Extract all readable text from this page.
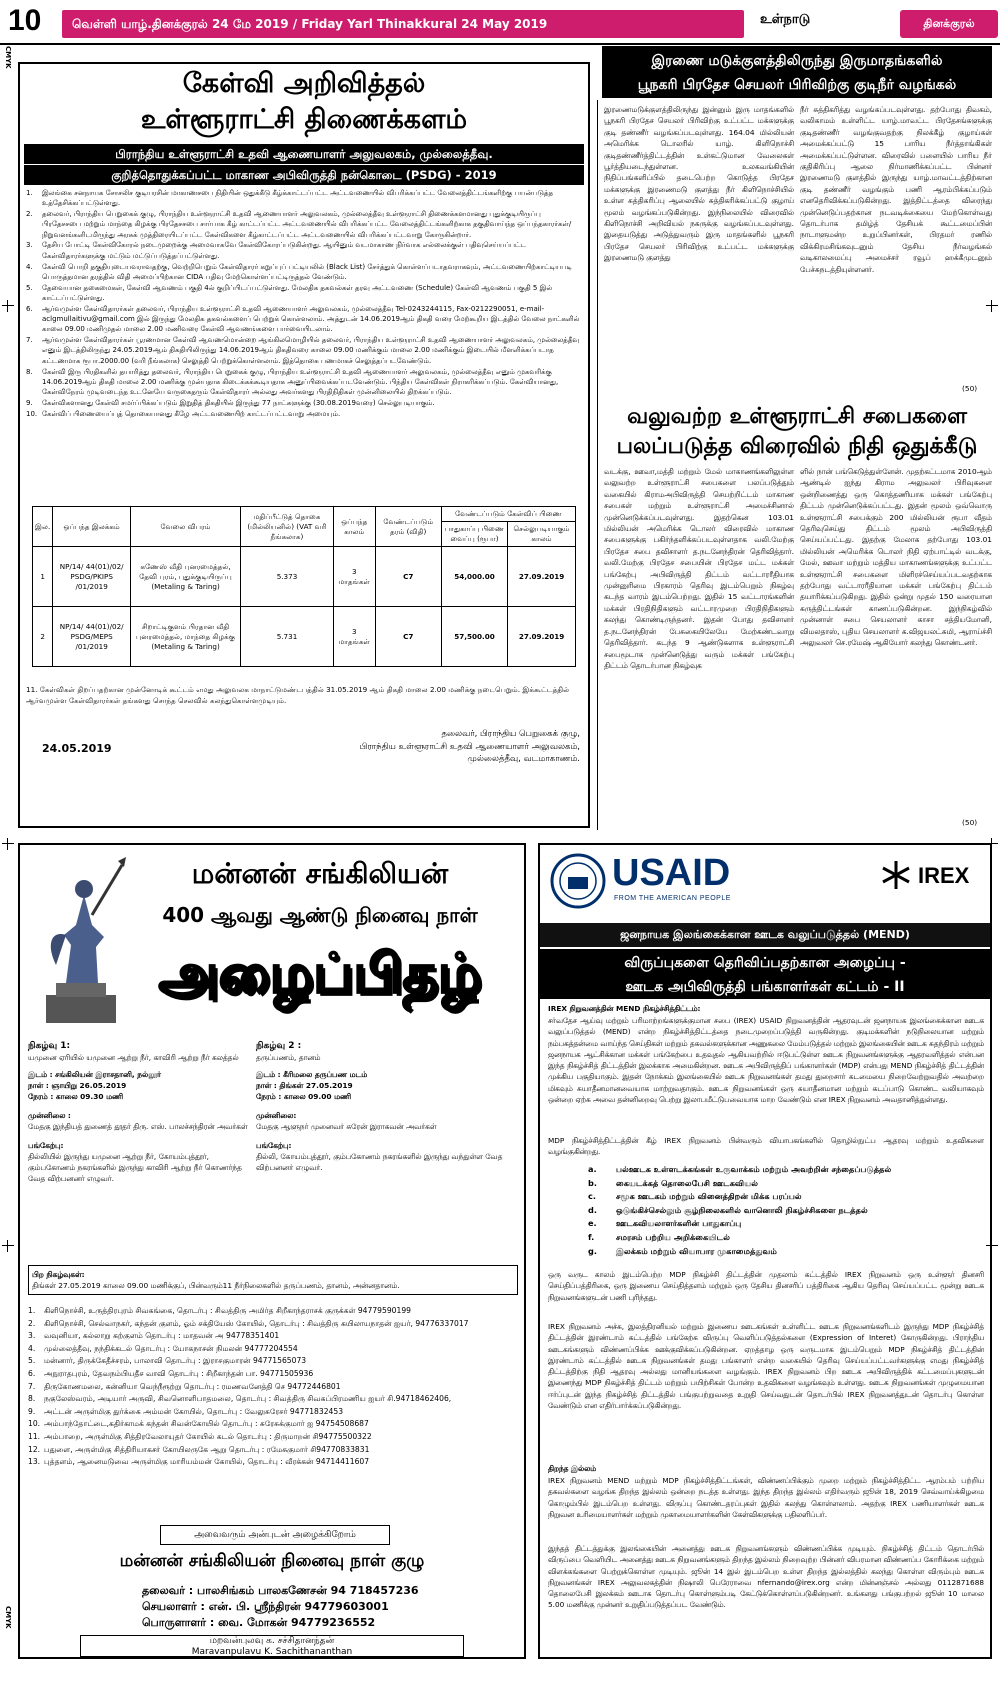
10	வெள்ளி யாழ்.தினக்குரல் 24 மே 2019 / Friday Yarl Thinakkural 24 May 2019	உள்நாடு	தினக்குரல்
CMYK
CMYK
கேள்வி அறிவித்தல்
உள்ளூராட்சி திணைக்களம்
பிராந்திய உள்ளூராட்சி உதவி ஆணையாளர் அலுவலகம், முல்லைத்தீவு.
குறித்தொதுக்கப்பட்ட மாகாண அபிவிருத்தி நன்கொடை (PSDG) - 2019
1. இலங்கை சனநாயக சோசலிச குடியரசின் மாகாணசபை நிதியின் ஒதுக்கீடு கீழ்க்காட்டப்பட்ட அட்டவணையில் விபரிக்கப்பட்ட வேலைத்திட்டங்களிற்கு பயன்படுத்த உத்தேசிக்கப்பட்டுள்ளது.
2. தலைவர், பிராந்திய பெறுகைக் குழு, பிராந்திய உள்ளூராட்சி உதவி ஆணையாளர் அலுவலகம், முல்லைத்தீவு உள்ளூராட்சி திணைக்களமானது புதுக்குடியிருப்பு பிரதேசசபை மற்றும் மாந்தை கிழக்கு பிரதேசசபை சார்பாக கீழ் காட்டப்பட்ட அட்டவணையில் விபரிக்கப்பட்ட வேலைத்திட்டங்களிற்காக தகுதிவாய்ந்த ஒப்பந்தகாரர்கள்/நிறுவனங்களிடமிருந்து அரசுக் முத்திரையிடப்பட்ட கேள்விகளை கீழ்காட்டப்பட்ட அட்டவணையில் விபரிக்கப்பட்டவாறு கோருகின்றார்.
3. தேசிய போட்டி கேள்விகோரல் நடைமுறைக்கு அமைவாகவே கேள்விகோரப்படுகின்றது. ஆயினும் வடமாகாண நிர்வாக எல்லைக்குள் பதிவுசெய்யப்பட்ட கேள்விதாரர்களுக்கு மட்டும் மட்டுப்படுத்தப்பட்டுள்ளது.
4. கேள்வி பொறி தகுதியுடையவராவதற்கு, வெற்றிபெறும் கேள்விதாரர் கறுப்புப் பட்டியலில் (Black List) சேர்த்துக் கொள்ளப்படாதவராகவும், அட்டவணையிற்காட்டியபடி பொருத்தமான தரத்தில் விதி அமைப்பிற்கான CIDA பதிவு மேற்கொள்ளப்பட்டிருத்தல் வேண்டும்.
5. தேவையான தகைமைகள், கேள்வி ஆவணம் பகுதி 4ல் குறிப்பிடப்பட்டுள்ளது. மேலதிக தகவல்கள் தரவு அட்டவணை (Schedule) கேள்வி ஆவணம் பகுதி 5 இல் காட்டப்பட்டுள்ளது.
6. ஆர்வமுள்ள கேள்விதாரர்கள் தலைவர், பிராந்திய உள்ளூராட்சி உதவி ஆணையாளர் அலுவலகம், முல்லைத்தீவு Tel-0243244115, Fax-0212290051, e-mail-aclgmullaitivu@gmail.com இல் இருந்து மேலதிக தகவல்களைப் பெற்றுக் கொள்ளலாம். அத்துடன் 14.06.2019ஆம் திகதி வரை மேற்கூறிய இடத்தில் வேலை நாட்களில் காலை 09.00 மணிமுதல் மாலை 2.00 மணிவரை கேள்வி ஆவணங்களை பார்வையிடலாம்.
7. ஆர்வமுள்ள கேள்விதாரர்கள் பூரணமான கேள்வி ஆவணமொன்றை ஆங்கிலமொழியில் தலைவர், பிராந்திய உள்ளூராட்சி உதவி ஆணையாளர் அலுவலகம், முல்லைத்தீவு எனும் இடத்திலிருந்து 24.05.2019ஆம் திகதியிலிருந்து 14.06.2019ஆம் திகதிவரை காலை 09.00 மணிக்கும் மாலை 2.00 மணிக்கும் இடையில் மீளளிக்கப்படாத கட்டணமாக ரூபா.2000.00 (வரி நீங்கலாக) செலுத்தி பெற்றுக்கொள்ளலாம். இத்தொகை பணமாகச் செலுத்தப்படவேண்டும்.
8. கேள்வி இரு பிரதிகளில் தயாரித்து தலைவர், பிராந்திய பெறுகைக் குழு, பிராந்திய உள்ளூராட்சி உதவி ஆணையாளர் அலுவலகம், முல்லைத்தீவு எனும் முகவரிக்கு 14.06.2019ஆம் திகதி மாலை 2.00 மணிக்கு முன்பதாக கிடைக்கக்கூடியதாக அனுப்பிவைக்கப்படவேண்டும். பிந்திய கேள்விகள் நிராகரிக்கப்படும். கேள்வியானது, கேள்விநேரம் முடிவடைந்த உடனேயே வருகைதரும் கேள்விதாரர் அல்லது அவர்களது பிரதிநிதிகள் முன்னிலையில் திறக்கப்படும்.
9. கேள்விகளானது கேள்வி சமர்ப்பிக்கப்படும் இறுதித் திகதியில் இருந்து 77 நாட்களுக்கு (30.08.2019வரை) செல்லுபடியாகும்.
10. கேள்விப் பிணையைப்புத் தொகையானது கீழே அட்டவணையிற் காட்டப்பட்டவாறு அமையும்.
இல.	ஒப்பந்த இலக்கம்	வேலை விபரம்	மதிப்பீட்டுத் தொகை (மில்லியனில்) (VAT வரி நீங்கலாக)	ஒப்பந்த காலம்	வேண்டப்படும் தரம் (விதி)	வேண்டப்படும் கேள்விப் பிணை	
						பாதுகாப்பு பிணை வைப்பு (ரூபா)	செல்லுபடியாகும் காலம்
1	NP/14/ 44(01)/02/ PSDG/PKIPS /01/2019	கணேஸ் வீதி புனரமைத்தல், தேவி புரம், புதுக்குடியிருப்பு (Metaling & Taring)	5.373	3 மாதங்கள்	C7	54,000.00	27.09.2019
2	NP/14/ 44(01)/02/ PSDG/MEPS /01/2019	சிறாட்டிகுளம் பிரதான வீதி புனரமைத்தல், மாந்தை கிழக்கு (Metaling & Taring)	5.731	3 மாதங்கள்	C7	57,500.00	27.09.2019
11. கேள்விகள் திறப்பதற்கான முன்னோடிக் கூட்டம் எமது அலுவலக மாநாட்டுமண்டபத்தில் 31.05.2019 ஆம் திகதி மாலை 2.00 மணிக்கு நடைபெறும். இக்கூட்டத்தில் ஆர்வமுள்ள கேள்விதாரர்கள் தங்களது சொந்த செலவில் கலந்துகொள்ளமுடியும்.
24.05.2019
தலைவர், பிராந்திய பெறுகைக் குழு,
பிராந்திய உள்ளூராட்சி உதவி ஆணையாளர் அலுவலகம்,
முல்லைத்தீவு, வடமாகாணம்.
இரணை மடுக்குளத்திலிருந்து இருமாதங்களில்
பூநகரி பிரதேச செயலர் பிரிவிற்கு குடிநீர் வழங்கல்
இரணைமடுக்குளத்திலிருந்து இன்னும் இரு மாதங்களில் பூநகரி பிரதேச செயலர் பிரிவிற்கு உட்பட்ட மக்களுக்கு குடி தண்ணீர் வழங்கப்படவுள்ளது. 164.04 மில்லியன் அமெரிக்க டொலரில் யாழ். கிளிநொச்சி குடிதண்ணீர்த்திட்டத்தின் உள்கட்டுமான வேலைகள் பூர்த்தியடைந்துள்ளன. உலகவங்கியின் நிதிப்பங்களிப்பில் தடைபெற்ற கொடுத்த பிரதேச மக்களுக்கு இரணைமடு குளத்து நீர் கிளிநொச்சியில் உள்ள சுத்திகரிப்பு ஆலையில் சுத்திகரிக்கப்பட்டு குழாய் மூலம் வழங்கப்படுகின்றது. இந்நிலையில் விரைவில் கிளிநொச்சி அறிவியல் நகருக்கு வழங்கப்படவுள்ளது. இதையடுத்து அடுத்துவரும் இரு மாதங்களில் பூநகரி பிரதேச செயலர் பிரிவிற்கு உட்பட்ட மக்களுக்கு இரணைமடு குளத்து
நீர் சுத்திகரித்து வழங்கப்படவுள்ளது. தற்போது திவகம், வலிகாமம் உள்ளிட்ட யாழ்.மாவட்ட பிரதேசங்களுக்கு குடிதண்ணீர் வழங்குவதற்கு நிலக்கீழ் குழாய்கள் அமைக்கப்பட்டு 15 பாரிய நீர்த்தாங்கிகள் அமைக்கப்பட்டுள்ளன. விரைவில் பளையில் பாரிய நீர் குதிகிரிப்பு ஆலை நிர்மாணிக்கப்பட்ட பின்னர் இரணைமடு குளத்தில் இருந்து யாழ்.மாவட்டத்திற்கான குடி தண்ணீர் வழங்கும் பணி ஆரம்பிக்கப்படும் எனதெரிவிக்கப்படுகின்றது. இத்திட்டத்தை விரைந்து முன்னெடுப்பதற்கான நடவடிக்கையை மேற்கொள்வது தொடர்பாக தமிழ்த் தேசியக் கூட்டமைப்பின் நாடாளுமன்ற உறுப்பினர்கள், பிரதமர் ரணில் விக்கிரமசிங்கவுடனும் தேசிய நீர்வழங்கல் வடிகாலமைப்பு அமைச்சர் ரவூப் ஹக்கீமுடனும் பேச்சுநடத்தியுள்ளனர்.
(50)
வலுவற்ற உள்ளூராட்சி சபைகளை
பலப்படுத்த விரைவில் நிதி ஒதுக்கீடு
வடக்கு, ஊவா,மத்தி மற்றும் மேல் மாகாணங்களிலுள்ள வலுவற்ற உள்ளூராட்சி சபைகளை பலப்படுத்தும் வகையில் கிராமஅபிவிருத்தி செயற்றிட்டம் மாகாண சபைகள் மற்றும் உள்ளூராட்சி அமைச்சினால் முன்னெடுக்கப்படவுள்ளது. இதற்கென 103.01 மில்லியன் அமெரிக்க டொலர் விரைவில் மாகாண சபைகளுக்கு பகிர்ந்தளிக்கப்படவுள்ளதாக வலி.மேற்கு பிரதேச சபை தவிசாளர் த.நடனேந்திரன் தெரிவித்தார். வலி.மேற்கு பிரதேச சபையின் பிரதேச மட்ட மக்கள் பங்கேற்பு அபிவிருத்தி திட்டம் வட்டாரரீதியாக முன்னுரிமை பிரகாரம் தெரிவு இடம்பெறும் நிகழ்வு கடந்த வாரம் இடம்பெற்றது. இதில் 15 வட்டாரங்களின் மக்கள் பிரதிநிதிகளும் வட்டாரமுறை பிரதிநிதிகளும் கலந்து கொண்டிருந்தனர். இதன் போது தவிசாளர் த.நடனேந்திரன் பேசுகையிலேயே மேற்கண்டவாறு தெரிவித்தார். கடந்த 9 ஆண்டுகளாக உள்ளூராட்சி சபைமூடாக முன்னெடுத்து வரும் மக்கள் பங்கேற்பு திட்டம் தொடர்பான நிகழ்வுக
ளில் நான் பங்கெடுத்துள்ளேன். முதற்கட்டமாக 2010ஆம் ஆண்டில் ஐந்து கிராம அலுவலர் பிரிவுகளை ஒன்றிணைத்து ஒரு கொத்தணியாக மக்கள் பங்கேற்பு திட்டம் முன்னெடுக்கப்பட்டது. இதன் மூலம் ஒவ்வொரு உள்ளூராட்சி சபைக்கும் 200 மில்லியன் ரூபா வீதம் தெரிவுசெய்து திட்டம் மூலம் அபிவிருத்தி செய்யப்பட்டது. இதற்கு மேலாக தற்போது 103.01 மில்லியன் அமெரிக்க டொலர் நிதி ஏற்பாட்டில் வடக்கு, மேல், ஊவா மற்றும் மத்திய மாகாணங்களுக்கு உட்பட்ட உள்ளூராட்சி சபைகளை மிளிரச்செய்யப்படவதற்காக தற்போது வட்டாரரீதியான மக்கள் பங்கேற்பு திட்டம் தயாரிக்கப்படுகிறது. இதில் ஒன்று முதல் 150 வரையான கருத்திட்டங்கள் காணப்படுகின்றன. இந்நிகழ்வில் முன்னாள் சபை செயலாளர் காசா சத்தியமோனி, விமலதாஸ், புதிய செயலாளர் க.விஜயலட்சுமி, ஆராய்ச்சி அலுவலர் செ.ரமேஷ் ஆகியோர் கலந்து கொண்டனர்.
(50)
மன்னன் சங்கிலியன்
400 ஆவது ஆண்டு நினைவு நாள்
அழைப்பிதழ்
நிகழ்வு 1:
யமுனை ஏரியில் யமுனை ஆற்று நீர், காவிரி ஆற்று நீர் கலத்தல்
இடம் : சங்கிலியன் இராசதானி, நல்லூர்
நாள் : ஞாயிறு 26.05.2019
நேரம் : காலை 09.30 மணி
முன்னிலை :
மேதகு இந்தியத் துணைத் தூதர் திரு. எஸ். பாலச்சந்திரன் அவர்கள்
பங்கேற்பு:
தில்லியில் இருந்து யமுனை ஆற்று நீர், கோயம்புத்தூர், கும்பகோணம் நகரங்களில் இருந்து காவிரி ஆற்று நீர் கொணர்ந்த வேத விற்பனனர் எழுவர்.
நிகழ்வு 2 :
தருப்பணம், தானம்
இடம் : கீரிமலை தருப்பண மடம்
நாள் : திங்கள் 27.05.2019
நேரம் : காலை 09.00 மணி
முன்னிலை:
மேதகு ஆளுநர் முனைவர் சுரேன் இராகவன் அவர்கள்
பங்கேற்பு:
தில்லி, கோயம்புத்தூர், கும்பகோணம் நகரங்களில் இருந்து வந்துள்ள வேத விற்பனனர் எழுவர்.
பிற நிகழ்வுகள்:
திங்கள் 27.05.2019 காலை 09.00 மணிக்குப், பின்வரும்11 நீர்நிலைகளில் தருப்பணம், தானம், அன்னதானம்.
1. கிளிநொச்சி, உருத்திரபுரம் சிவகங்கை, தொடர்பு : சிவத்திரு அமிர்த சிறீகாந்தராசக் குருக்கள் 94779590199
2. கிளிநொச்சி, செல்வாநகர், கந்தன் குளம், ஓம் சக்தியேஸ் கோயில், தொடர்பு : சிவத்திரு கயிலாயநாதன் ஐயர், 94776337017
3. வவுனியா, கல்லாறு கற்குளம் தொடர்பு : மாதவன் அ 94778351401
4. முல்லைத்தீவு, நந்திக்கடல் தொடர்பு : யோகநாசன் நிமலன் 94777204554
5. மன்னார், திருக்கேதீச்சரம், பாலாவி தொடர்பு : இராசகுமாரன் 94771565073
6. அநுராதபுரம், தேவநம்பியதீச வாவி தொடர்பு : சிறீகாந்தன் பா. 94771505936
7. திருகோணமலை, கன்னியா வெந்நீரூற்று தொடர்பு : ரமணவனேத்தி செ 94772446801
8. நகுலேஸ்வரம், அடியார் அருவி, சிவனொளிபாதமலை, தொடர்பு : சிவத்திரு சிவகப்பிரமணிய ஐயர் சி.94718462406,
9. அட்டன் அருள்மிகு துர்க்கை அம்மன் கோயில், தொடர்பு : வேலுசுரேசர் 94771832453
10. அம்பாந்தோட்டை,கதிர்காமக் கந்தன் சிவன்கோயில் தொடர்பு : சுரேசுக்குமார் ஐ 94754508687
11. அம்பாறை, அருள்மிகு சித்திரவேலாயுதர் கோயில் கடல் தொடர்பு : திருமாறன் சி94775500322
12. பதுளை, அருள்மிகு சித்திரியாகசர் கோயிலருகே ஆறு தொடர்பு : ரமேசுகுமார் சி94770833831
13. புத்தளம், ஆனைமடுவை அருள்மிகு மாரியம்மன் கோயில், தொடர்பு : வீரக்கன் 94714411607
அவைவரும் அன்புடன் அழைக்கிறோம்
மன்னன் சங்கிலியன் நினைவு நாள் குழு
தலைவர் : பாலசிங்கம் பாலகணேசன் 94 718457236
செயலாளர் : என். பி. ஸ்ரீந்திரன் 94779603001
பொருளாளர் : வை. மோகன் 94779236552
மறவன்புலவு க. சச்சிதானந்தன்
Maravanpulavu K. Sachithananthan
USAID
FROM THE AMERICAN PEOPLE
IREX
ஜனநாயக இலங்கைக்கான ஊடக வலுப்படுத்தல் (MEND)
விருப்புகளை தெரிவிப்பதற்கான அழைப்பு -
ஊடக அபிவிருத்தி பங்காளர்கள் கட்டம் - II
IREX நிறுவனத்தின் MEND நிகழ்ச்சித்திட்டம்:
சர்வதேச ஆய்வு மற்றும் பரிமாற்றங்களுக்குமான சபை (IREX) USAID நிறுவனத்தின் ஆதரவுடன் ஜனநாயக இலங்கைக்கான ஊடக வலுப்படுத்தல் (MEND) என்ற நிகழ்ச்சித்திட்டத்தை நடைமுறைப்படுத்தி வருகின்றது. குடிமக்களின் நடுநிலையான மற்றும் நம்பகத்தன்மை வாய்ந்த செய்திகள் மற்றும் தகவல்களுக்கான அணுகலை மேம்படுத்தல் மற்றும் இலங்கையின் ஊடக சுதந்திரம் மற்றும் ஜனநாயக ஆட்சிக்கான மக்கள் பங்கேற்பை உதவுதல் ஆகியவற்றில் ஈடுபட்டுள்ள ஊடக நிறுவனங்களுக்கு ஆதரவளித்தல் என்பன இந்த நிகழ்ச்சித் திட்டத்தின் இலக்காக அமைகின்றன. ஊடக அபிவிருத்திப் பங்காளர்கள் (MDP) என்பது MEND நிகழ்ச்சித் திட்டத்தின் முக்கிய பகுதியாகும். இதன் நோக்கம் இலங்கையில் ஊடக நிறுவனங்கள் தமது துறைசார் கடமையை நிறைவேற்றுவதில் அவற்றை மிகவும் சுயாதீனமானவையாக மாற்றுவதாகும். ஊடக நிறுவனங்கள் ஒரு சுயாதீனமான மற்றும் கடப்பாடு கொண்ட வலியாகவும் ஒன்றை ஏற்க அவை தன்னிறைவு பெற்று இலாபமீட்டுபவையாக மாற வேண்டும் என IREX நிறுவனம் அவதானித்துள்ளது.
MDP நிகழ்ச்சித்திட்டத்தின் கீழ் IREX நிறுவனம் பின்வரும் வியாபகங்களில் தொழில்நுட்ப ஆதரவு மற்றும் உதவிகளை வழங்குகின்றது.
a. பல்ஊடக உள்ளடக்கங்கள் உருவாக்கம் மற்றும் அவற்றின் சந்தைப்படுத்தல்
b. கையடக்கத் தொலைபேசி ஊடகவியல்
c. சமூக ஊடகம் மற்றும் வினைத்திறன் மிக்க பரப்பல்
d. ஒடுங்கிச்செல்லும் சூழ்நிலைகளில் வானொலி நிகழ்ச்சிகளை நடத்தல்
e. ஊடகவியலாளர்களின் பாதுகாப்பு
f.	சமரசம் பற்றிய அறிக்கையிடல்
g. இலக்கம் மற்றும் வியாபார முகாமைத்துவம்
ஒரு வருட காலம் இடம்பெற்ற MDP நிகழ்ச்சி திட்டத்தின் முதலாம் கட்டத்தில் IREX நிறுவனம் ஒரு உள்ளூர் தினசரி செய்திப்பத்திரிகை, ஒரு இணைய செய்தித்தளம் மற்றும் ஒரு தேசிய தினசரிப் பத்திரிகை ஆகிய தெரிவு செய்யப்பட்ட மூன்று ஊடக நிறுவனங்களுடன் பணி புரிந்தது.
IREX நிறுவனம் அச்சு, இலத்திரனியல் மற்றும் இணைய ஊடகங்கள் உள்ளிட்ட ஊடக நிறுவனங்களிடம் இருந்து MDP நிகழ்ச்சித் திட்டத்தின் இரண்டாம் கட்டத்தில் பங்கேற்க விருப்பு வெளிப்படுத்தல்களை (Expression of Interet) கோருகின்றது. பிராந்திய ஊடகங்களும் விண்ணப்பிக்க ஊக்குவிக்கப்படுகின்றன. ஏறத்தாழ ஒரு வருடமாக இடம்பெறும் MDP நிகழ்ச்சித் திட்டத்தின் இரண்டாம் கட்டத்தில் ஊடக நிறுவனங்கள் தமது பங்காளர் என்ற வகையில் தெரிவு செய்யப்பட்டவர்களுக்கு எமது நிகழ்ச்சித் திட்டத்திற்கு நிதி ஆதரவு அல்லது மானியங்களை வழங்கும். IREX நிறுவனம் பிற ஊடக அபிவிருத்திக் கட்டமைப்புகளுடன் இணைந்து MDP நிகழ்ச்சித் திட்டம் மற்றும் பயிற்சிகள் போன்ற உதவிகளை வழங்கவும் உள்ளது. ஊடக நிறுவனங்கள் முழுமையான ஈர்ப்புடன் இந்த நிகழ்ச்சித் திட்டத்தில் பங்குபற்றுவதை உறுதி செய்வதுடன் தொடர்பில் IREX நிறுவனத்துடன் தொடர்பு கொள்ள வேண்டும் என எதிர்பார்க்கப்படுகின்றது.
திறந்த இல்லம்
IREX நிறுவனம் MEND மற்றும் MDP நிகழ்ச்சித்திட்டங்கள், விண்ணப்பிக்கும் முறை மற்றும் நிகழ்ச்சித்திட்ட ஆரம்பம் பற்றிய தகவல்களை வழங்க திறந்த இல்லம் ஒன்றை நடத்த உள்ளது. இந்த திறந்த இல்லம் எதிர்வரும் ஜூன் 18, 2019 செவ்வாய்க்கிழமை கொழும்பில் இடம்பெற உள்ளது. விருப்பு கொண்டதரப்புகள் இதில் கலந்து கொள்ளலாம். அதற்கு IREX பணியாளர்கள் ஊடக நிறுவன உரிமையாளர்கள் மற்றும் முகாமையாளர்களின் கேள்விகளுக்கு பதிலளிப்பர்.
இந்தத் திட்டத்துக்கு இலங்கையின் அனைத்து ஊடக நிறுவனங்களும் விண்ணப்பிக்க முடியும். நிகழ்ச்சித் திட்டம் தொடர்பில் விருப்பை வெளியிட அனைத்து ஊடக நிறுவனங்களும் திறந்த இல்லம் நிறைவுற்ற பின்னர் விபரமான விண்ணப்ப கோரிக்கை மற்றும் விளக்கங்களை பெற்றுக்கொள்ள முடியும். ஜூன் 14 இல் இடம்பெற உள்ள திறந்த இல்லத்தில் கலந்து கொள்ள விரும்பும் ஊடக நிறுவனங்கள் IREX அலுவலகத்தின் நிஷாலி பெரேராவை nfernando@irex.org என்ற மின்னஞ்சல் அல்லது 0112871688 தொலைபேசி இலக்கம் ஊடாக தொடர்பு கொள்ளும்படி கேட்டுக்கொள்ளப்படுகின்றனர். உங்களது பங்குபற்றல் ஜூன் 10 மாலை 5.00 மணிக்கு முன்னர் உறுதிப்படுத்தப்பட வேண்டும்.
